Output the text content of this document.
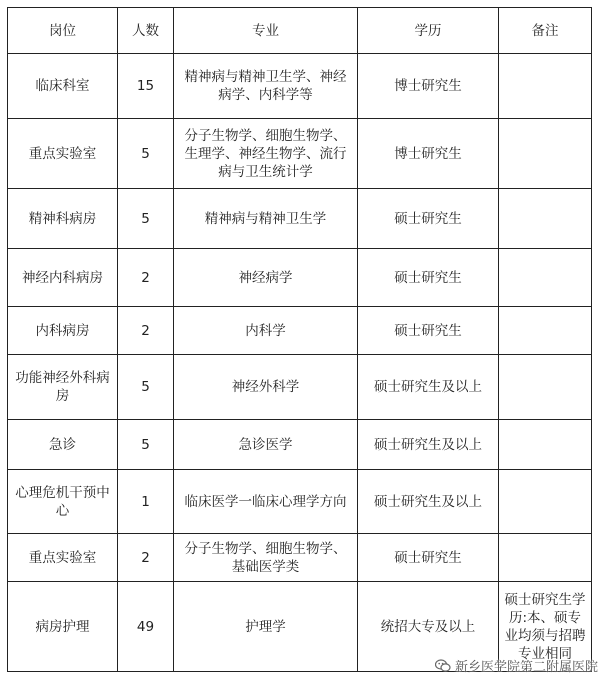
岗位	人数	专业	学历	备注
临床科室	15	精神病与精神卫生学、神经病学、内科学等	博士研究生	
重点实验室	5	分子生物学、细胞生物学、生理学、神经生物学、流行病与卫生统计学	博士研究生	
精神科病房	5	精神病与精神卫生学	硕士研究生	
神经内科病房	2	神经病学	硕士研究生	
内科病房	2	内科学	硕士研究生	
功能神经外科病房	5	神经外科学	硕士研究生及以上	
急诊	5	急诊医学	硕士研究生及以上	
心理危机干预中心	1	临床医学一临床心理学方向	硕士研究生及以上	
重点实验室	2	分子生物学、细胞生物学、基础医学类	硕士研究生	
病房护理	49	护理学	统招大专及以上	硕士研究生学历:本、硕专业均须与招聘专业相同
新乡医学院第二附属医院
